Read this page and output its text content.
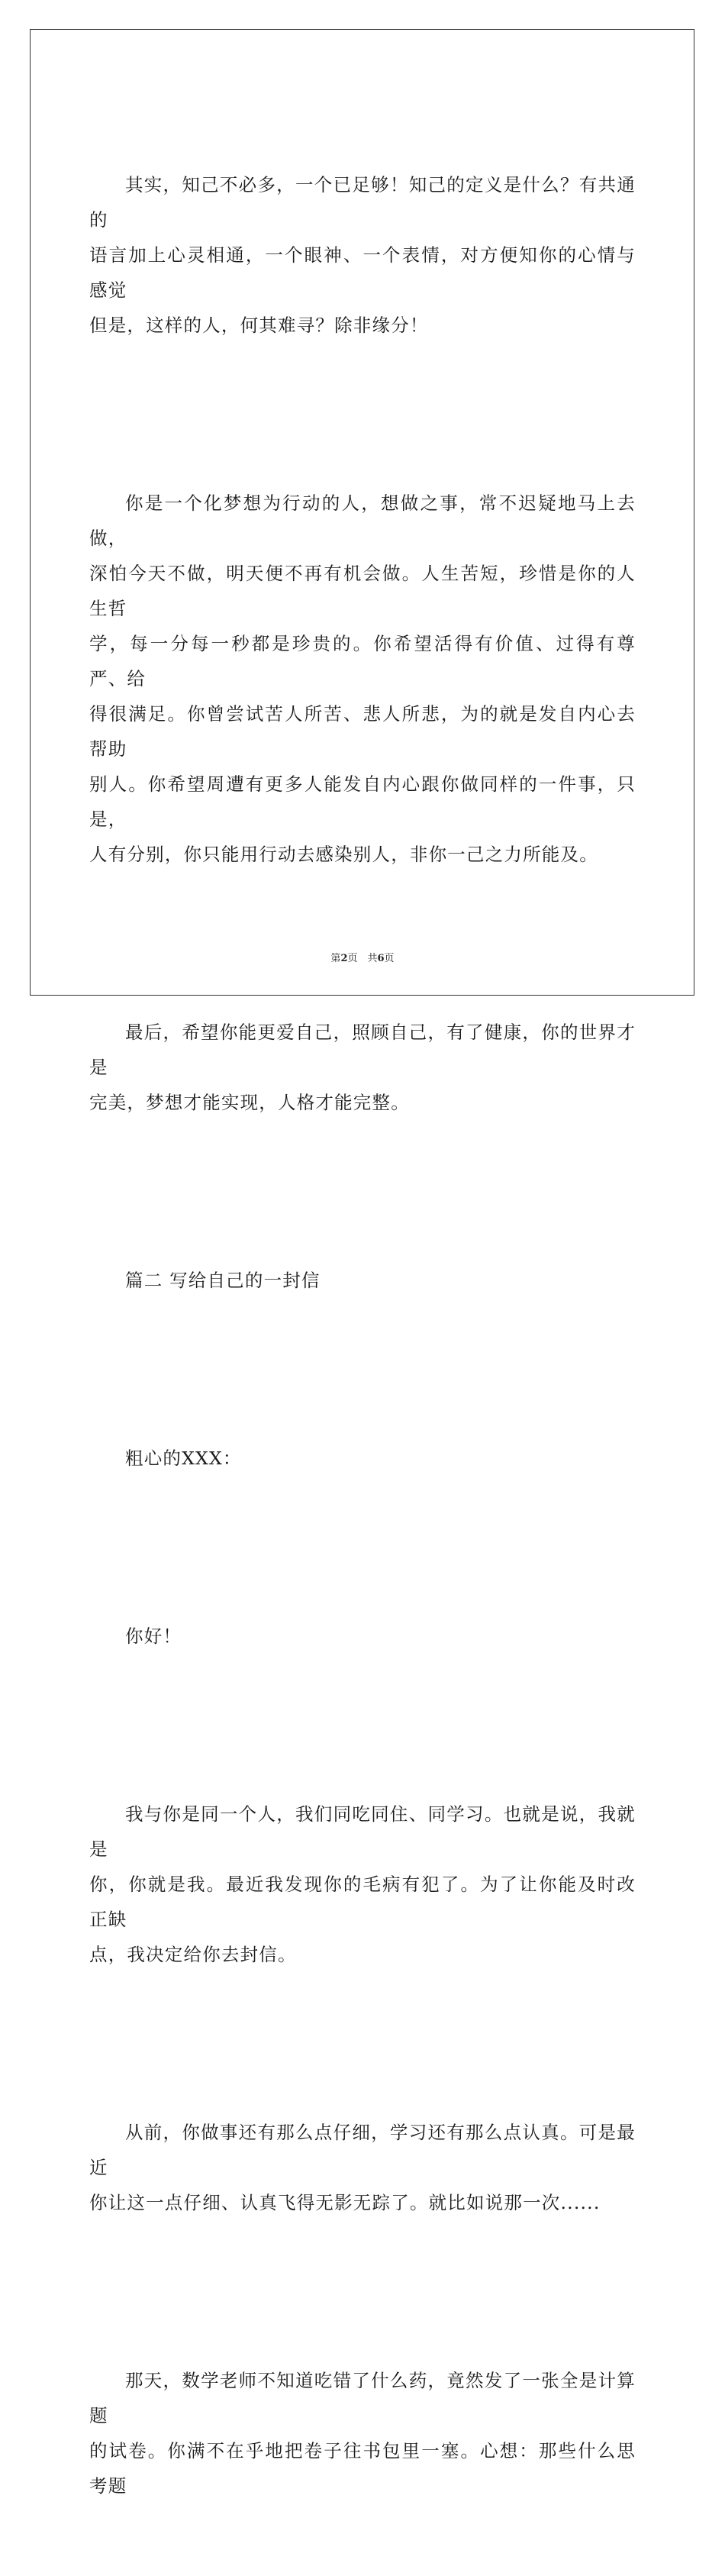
其实，知己不必多，一个已足够！知己的定义是什么？有共通的
语言加上心灵相通，一个眼神、一个表情，对方便知你的心情与感觉
但是，这样的人，何其难寻？除非缘分！

你是一个化梦想为行动的人，想做之事，常不迟疑地马上去做，
深怕今天不做，明天便不再有机会做。人生苦短，珍惜是你的人生哲
学，每一分每一秒都是珍贵的。你希望活得有价值、过得有尊严、给
得很满足。你曾尝试苦人所苦、悲人所悲，为的就是发自内心去帮助
别人。你希望周遭有更多人能发自内心跟你做同样的一件事，只是，
人有分别，你只能用行动去感染别人，非你一己之力所能及。

最后，希望你能更爱自己，照顾自己，有了健康，你的世界才是
完美，梦想才能实现，人格才能完整。

篇二 写给自己的一封信

粗心的XXX：

你好！

我与你是同一个人，我们同吃同住、同学习。也就是说，我就是
你，你就是我。最近我发现你的毛病有犯了。为了让你能及时改正缺
点，我决定给你去封信。

从前，你做事还有那么点仔细，学习还有那么点认真。可是最近
你让这一点仔细、认真飞得无影无踪了。就比如说那一次......

那天，数学老师不知道吃错了什么药，竟然发了一张全是计算题
的试卷。你满不在乎地把卷子往书包里一塞。心想：那些什么思考题

第2页　共6页
